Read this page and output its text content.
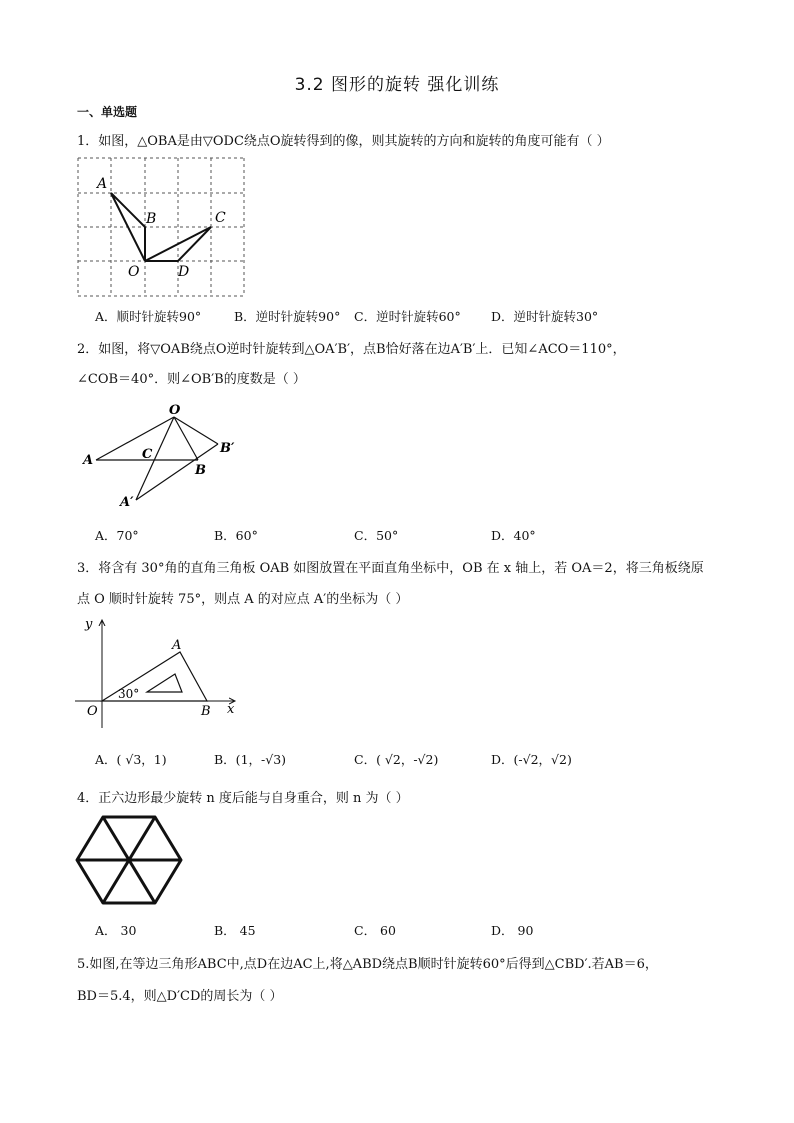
3.2 图形的旋转 强化训练
一、单选题
1．如图，△OBA是由▽ODC绕点O旋转得到的像，则其旋转的方向和旋转的角度可能有（ ）
A
B	C
O	D
A．顺时针旋转90°	B．逆时针旋转90° C．逆时针旋转60° D．逆时针旋转30°
2．如图，将▽OAB绕点O逆时针旋转到△OA′B′，点B恰好落在边A′B′上．已知∠ACO＝110°，
∠COB＝40°．则∠OB′B的度数是（ ）
O
A	C
B
B′
A′
A．70°	B．60°	C．50°	D．40°
3．将含有 30°角的直角三角板 OAB 如图放置在平面直角坐标中，OB 在 x 轴上，若 OA＝2，将三角板绕原
点 O 顺时针旋转 75°，则点 A 的对应点 A′的坐标为（ ）
y
x
O
A
B
30°
A．( √3，1)	B．(1，-√3)	C．( √2，-√2)	D．(-√2，√2)
4．正六边形最少旋转 n 度后能与自身重合，则 n 为（ ）
A． 30	B． 45	C． 60	D． 90
5.如图,在等边三角形ABC中,点D在边AC上,将△ABD绕点B顺时针旋转60°后得到△CBD′.若AB＝6，
BD＝5.4，则△D′CD的周长为（ ）
